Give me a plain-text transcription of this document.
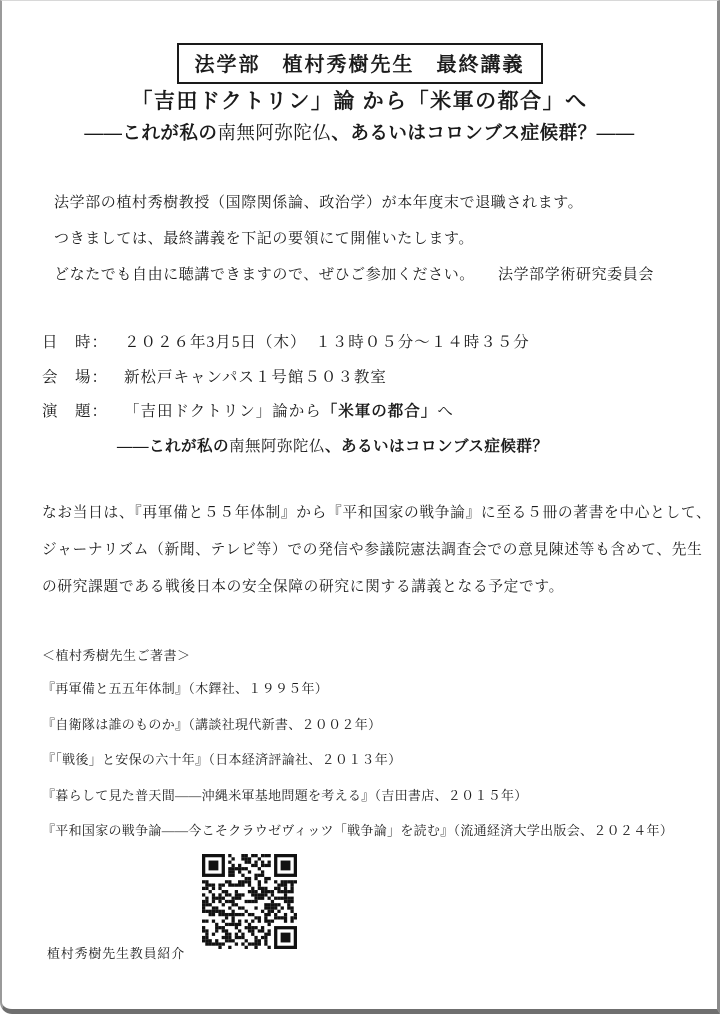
法学部　植村秀樹先生　最終講義
「吉田ドクトリン」論 から「米軍の都合」へ
——これが私の南無阿弥陀仏、あるいはコロンブス症候群？——
法学部の植村秀樹教授（国際関係論、政治学）が本年度末で退職されます。
つきましては、最終講義を下記の要領にて開催いたします。
どなたでも自由に聴講できますので、ぜひご参加ください。 法学部学術研究委員会
日　時： ２０２６年3月5日（木）　１３時０５分～１４時３５分
会　場： 新松戸キャンパス１号館５０３教室
演　題： 「吉田ドクトリン」論から「米軍の都合」へ
——これが私の南無阿弥陀仏、あるいはコロンブス症候群？
なお当日は、『再軍備と５５年体制』から『平和国家の戦争論』に至る５冊の著書を中心として、
ジャーナリズム（新聞、テレビ等）での発信や参議院憲法調査会での意見陳述等も含めて、先生
の研究課題である戦後日本の安全保障の研究に関する講義となる予定です。
＜植村秀樹先生ご著書＞
『再軍備と五五年体制』（木鐸社、１９９５年）
『自衛隊は誰のものか』（講談社現代新書、２００２年）
『「戦後」と安保の六十年』（日本経済評論社、２０１３年）
『暮らして見た普天間——沖縄米軍基地問題を考える』（吉田書店、２０１５年）
『平和国家の戦争論——今こそクラウゼヴィッツ「戦争論」を読む』（流通経済大学出版会、２０２４年）
植村秀樹先生教員紹介
